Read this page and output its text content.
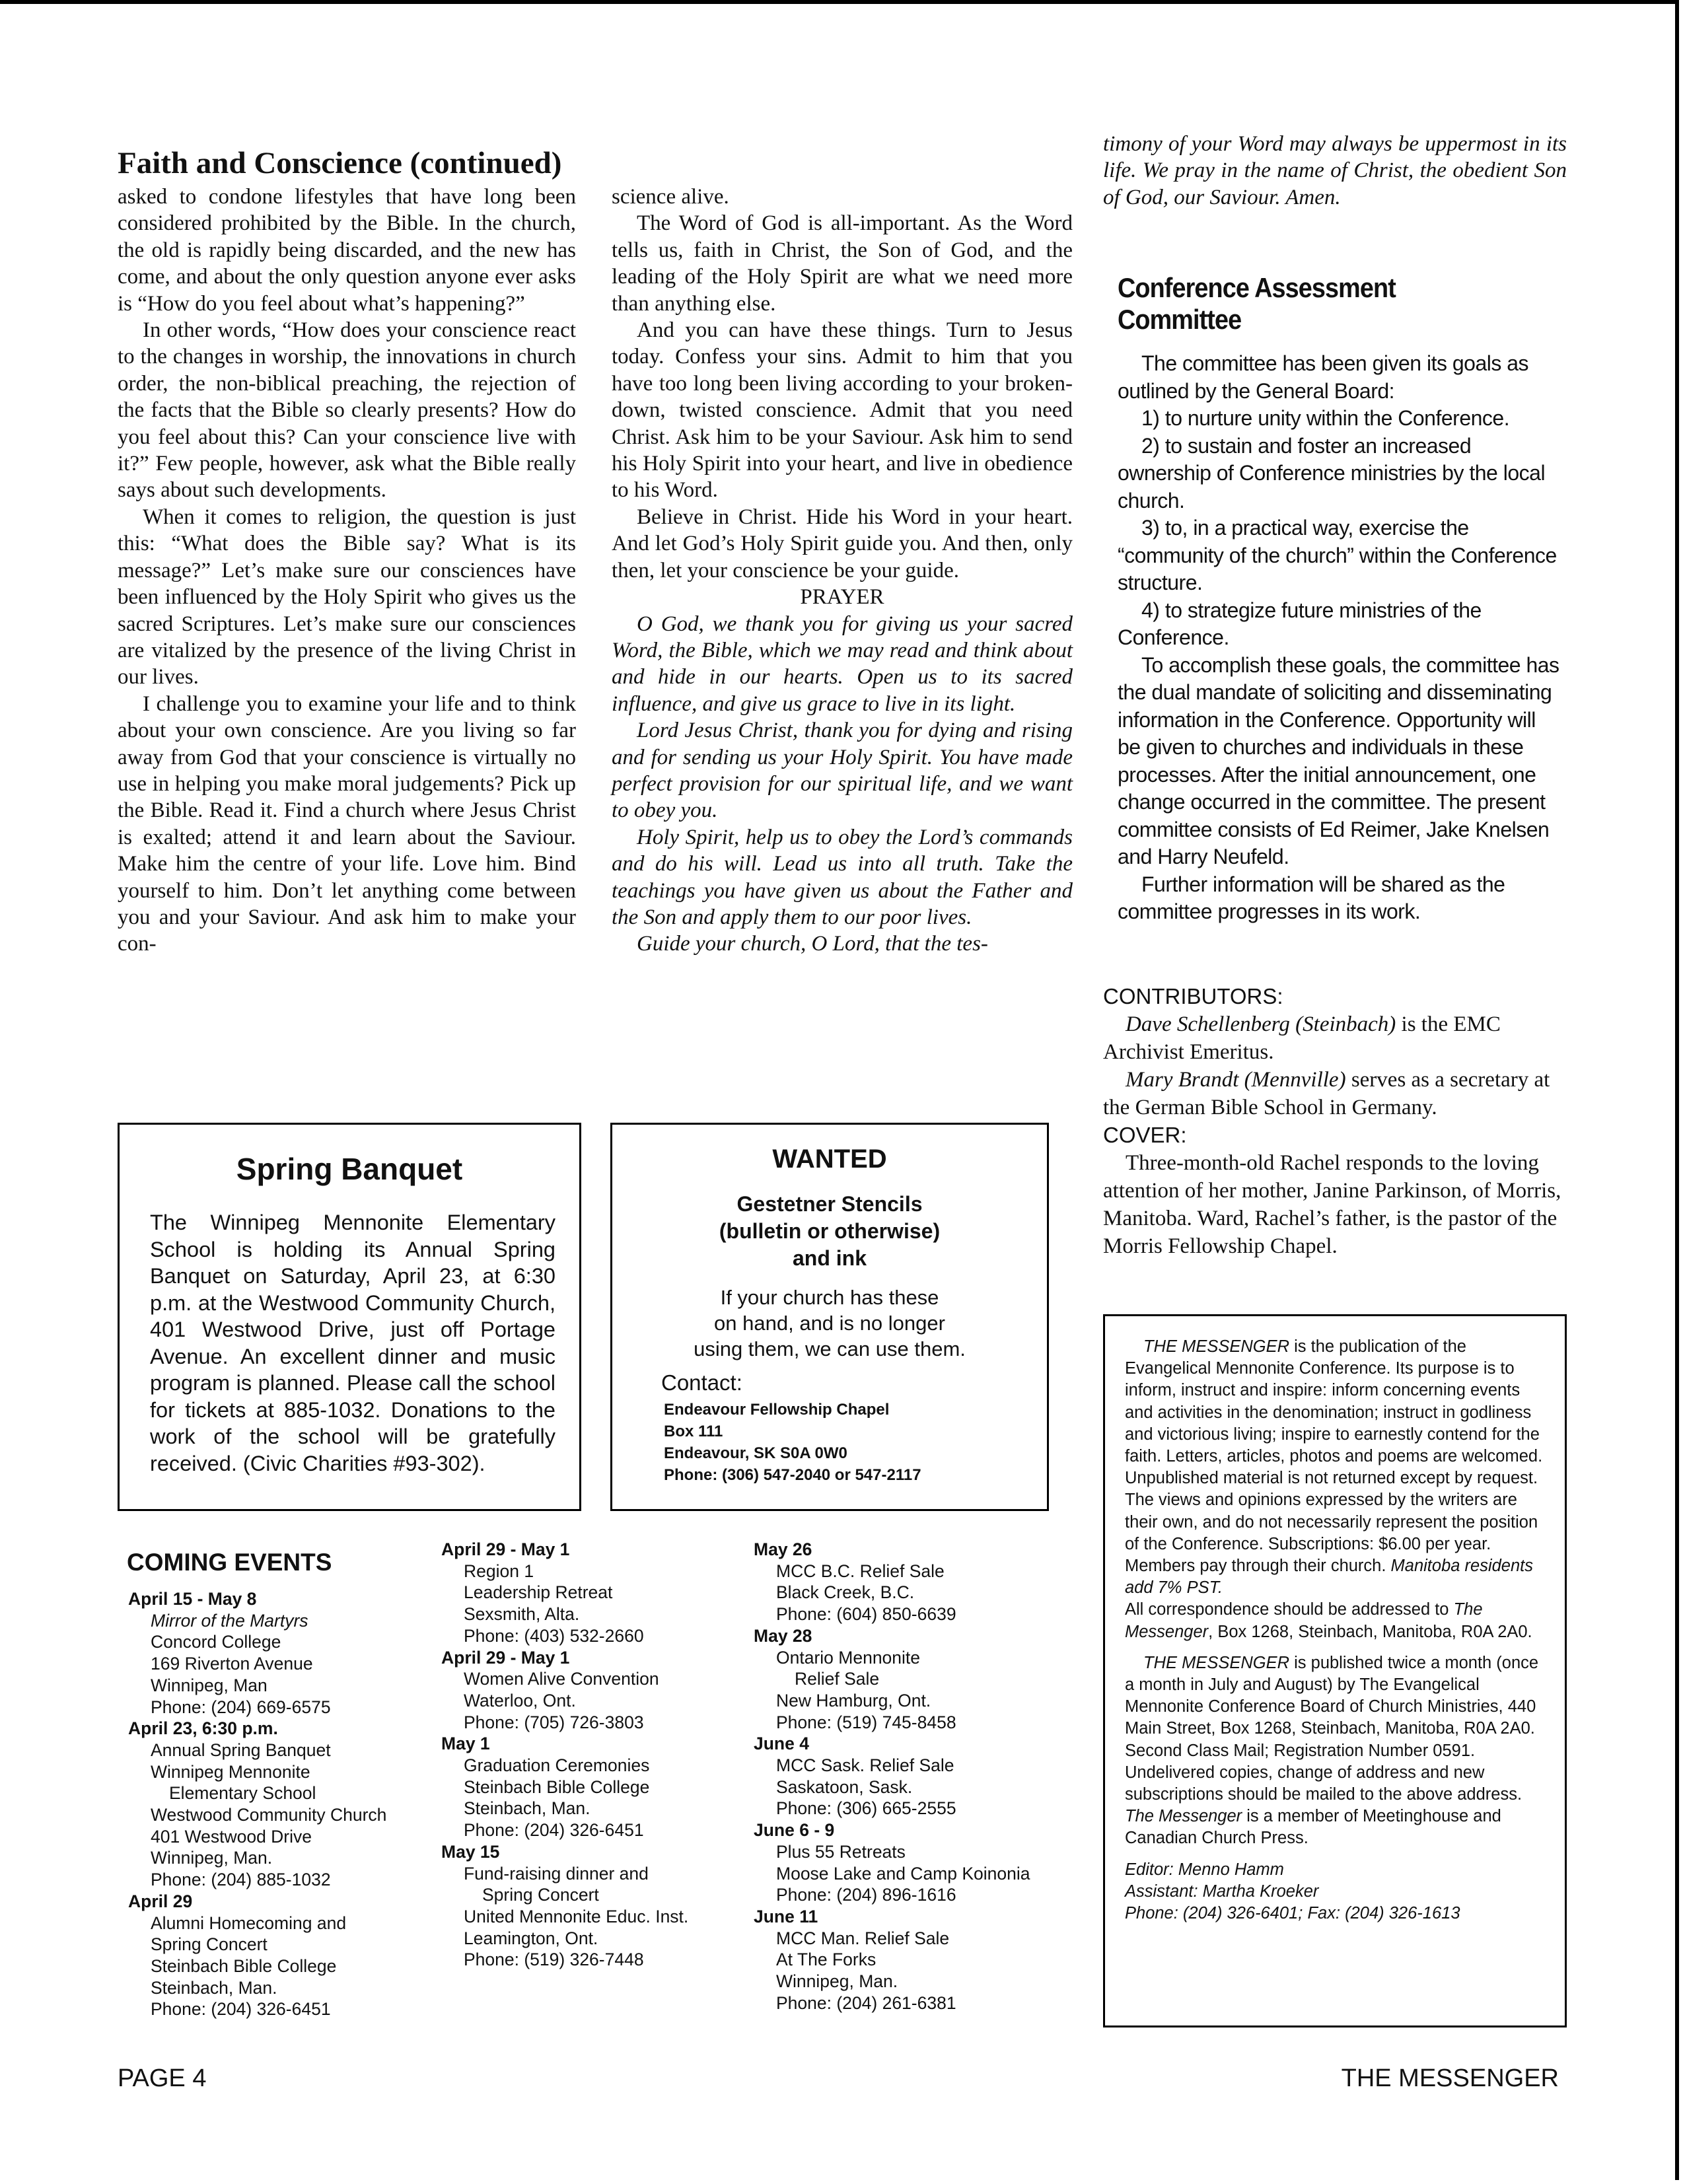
Faith and Conscience (continued)

asked to condone lifestyles that have long been considered prohibited by the Bible. In the church, the old is rapidly being discarded, and the new has come, and about the only question anyone ever asks is “How do you feel about what’s happening?”

In other words, “How does your conscience react to the changes in worship, the innovations in church order, the non-biblical preaching, the rejection of the facts that the Bible so clearly presents? How do you feel about this? Can your conscience live with it?” Few people, however, ask what the Bible really says about such developments.

When it comes to religion, the question is just this: “What does the Bible say? What is its message?” Let’s make sure our consciences have been influenced by the Holy Spirit who gives us the sacred Scriptures. Let’s make sure our consciences are vitalized by the presence of the living Christ in our lives.

I challenge you to examine your life and to think about your own conscience. Are you living so far away from God that your conscience is virtually no use in helping you make moral judgements? Pick up the Bible. Read it. Find a church where Jesus Christ is exalted; attend it and learn about the Saviour. Make him the centre of your life. Love him. Bind yourself to him. Don’t let anything come between you and your Saviour. And ask him to make your con-

science alive.

The Word of God is all-important. As the Word tells us, faith in Christ, the Son of God, and the leading of the Holy Spirit are what we need more than anything else.

And you can have these things. Turn to Jesus today. Confess your sins. Admit to him that you have too long been living according to your broken-down, twisted conscience. Admit that you need Christ. Ask him to be your Saviour. Ask him to send his Holy Spirit into your heart, and live in obedience to his Word.

Believe in Christ. Hide his Word in your heart. And let God’s Holy Spirit guide you. And then, only then, let your conscience be your guide.

PRAYER

O God, we thank you for giving us your sacred Word, the Bible, which we may read and think about and hide in our hearts. Open us to its sacred influence, and give us grace to live in its light.

Lord Jesus Christ, thank you for dying and rising and for sending us your Holy Spirit. You have made perfect provision for our spiritual life, and we want to obey you.

Holy Spirit, help us to obey the Lord’s commands and do his will. Lead us into all truth. Take the teachings you have given us about the Father and the Son and apply them to our poor lives.

Guide your church, O Lord, that the tes-

timony of your Word may always be uppermost in its life. We pray in the name of Christ, the obedient Son of God, our Saviour. Amen.

Conference Assessment Committee

The committee has been given its goals as outlined by the General Board:

1) to nurture unity within the Conference.

2) to sustain and foster an increased ownership of Conference ministries by the local church.

3) to, in a practical way, exercise the “community of the church” within the Conference structure.

4) to strategize future ministries of the Conference.

To accomplish these goals, the committee has the dual mandate of soliciting and disseminating information in the Conference. Opportunity will be given to churches and individuals in these processes. After the initial announcement, one change occurred in the committee. The present committee consists of Ed Reimer, Jake Knelsen and Harry Neufeld.

Further information will be shared as the committee progresses in its work.

CONTRIBUTORS:

Dave Schellenberg (Steinbach) is the EMC Archivist Emeritus.

Mary Brandt (Mennville) serves as a secretary at the German Bible School in Germany.

COVER:

Three-month-old Rachel responds to the loving attention of her mother, Janine Parkinson, of Morris, Manitoba. Ward, Rachel’s father, is the pastor of the Morris Fellowship Chapel.

Spring Banquet
The Winnipeg Mennonite Elementary School is holding its Annual Spring Banquet on Saturday, April 23, at 6:30 p.m. at the Westwood Community Church, 401 Westwood Drive, just off Portage Avenue. An excellent dinner and music program is planned. Please call the school for tickets at 885-1032. Donations to the work of the school will be gratefully received. (Civic Charities #93-302).
WANTED
Gestetner Stencils
(bulletin or otherwise)
and ink
If your church has these
on hand, and is no longer
using them, we can use them.
Contact:
Endeavour Fellowship Chapel
Box 111
Endeavour, SK S0A 0W0
Phone: (306) 547-2040 or 547-2117
COMING EVENTS
April 15 - May 8
Mirror of the Martyrs
Concord College
169 Riverton Avenue
Winnipeg, Man
Phone: (204) 669-6575
April 23, 6:30 p.m.
Annual Spring Banquet
Winnipeg Mennonite
Elementary School
Westwood Community Church
401 Westwood Drive
Winnipeg, Man.
Phone: (204) 885-1032
April 29
Alumni Homecoming and
Spring Concert
Steinbach Bible College
Steinbach, Man.
Phone: (204) 326-6451
April 29 - May 1
Region 1
Leadership Retreat
Sexsmith, Alta.
Phone: (403) 532-2660
April 29 - May 1
Women Alive Convention
Waterloo, Ont.
Phone: (705) 726-3803
May 1
Graduation Ceremonies
Steinbach Bible College
Steinbach, Man.
Phone: (204) 326-6451
May 15
Fund-raising dinner and
Spring Concert
United Mennonite Educ. Inst.
Leamington, Ont.
Phone: (519) 326-7448
May 26
MCC B.C. Relief Sale
Black Creek, B.C.
Phone: (604) 850-6639
May 28
Ontario Mennonite
Relief Sale
New Hamburg, Ont.
Phone: (519) 745-8458
June 4
MCC Sask. Relief Sale
Saskatoon, Sask.
Phone: (306) 665-2555
June 6 - 9
Plus 55 Retreats
Moose Lake and Camp Koinonia
Phone: (204) 896-1616
June 11
MCC Man. Relief Sale
At The Forks
Winnipeg, Man.
Phone: (204) 261-6381

THE MESSENGER is the publication of the Evangelical Mennonite Conference. Its purpose is to inform, instruct and inspire: inform concerning events and activities in the denomination; instruct in godliness and victorious living; inspire to earnestly contend for the faith. Letters, articles, photos and poems are welcomed. Unpublished material is not returned except by request. The views and opinions expressed by the writers are their own, and do not necessarily represent the position of the Conference. Subscriptions: $6.00 per year. Members pay through their church. Manitoba residents add 7% PST.

All correspondence should be addressed to The Messenger, Box 1268, Steinbach, Manitoba, R0A 2A0.

THE MESSENGER is published twice a month (once a month in July and August) by The Evangelical Mennonite Conference Board of Church Ministries, 440 Main Street, Box 1268, Steinbach, Manitoba, R0A 2A0. Second Class Mail; Registration Number 0591. Undelivered copies, change of address and new subscriptions should be mailed to the above address. The Messenger is a member of Meetinghouse and Canadian Church Press.

Editor: Menno Hamm

Assistant: Martha Kroeker

Phone: (204) 326-6401; Fax: (204) 326-1613

PAGE 4	THE MESSENGER
